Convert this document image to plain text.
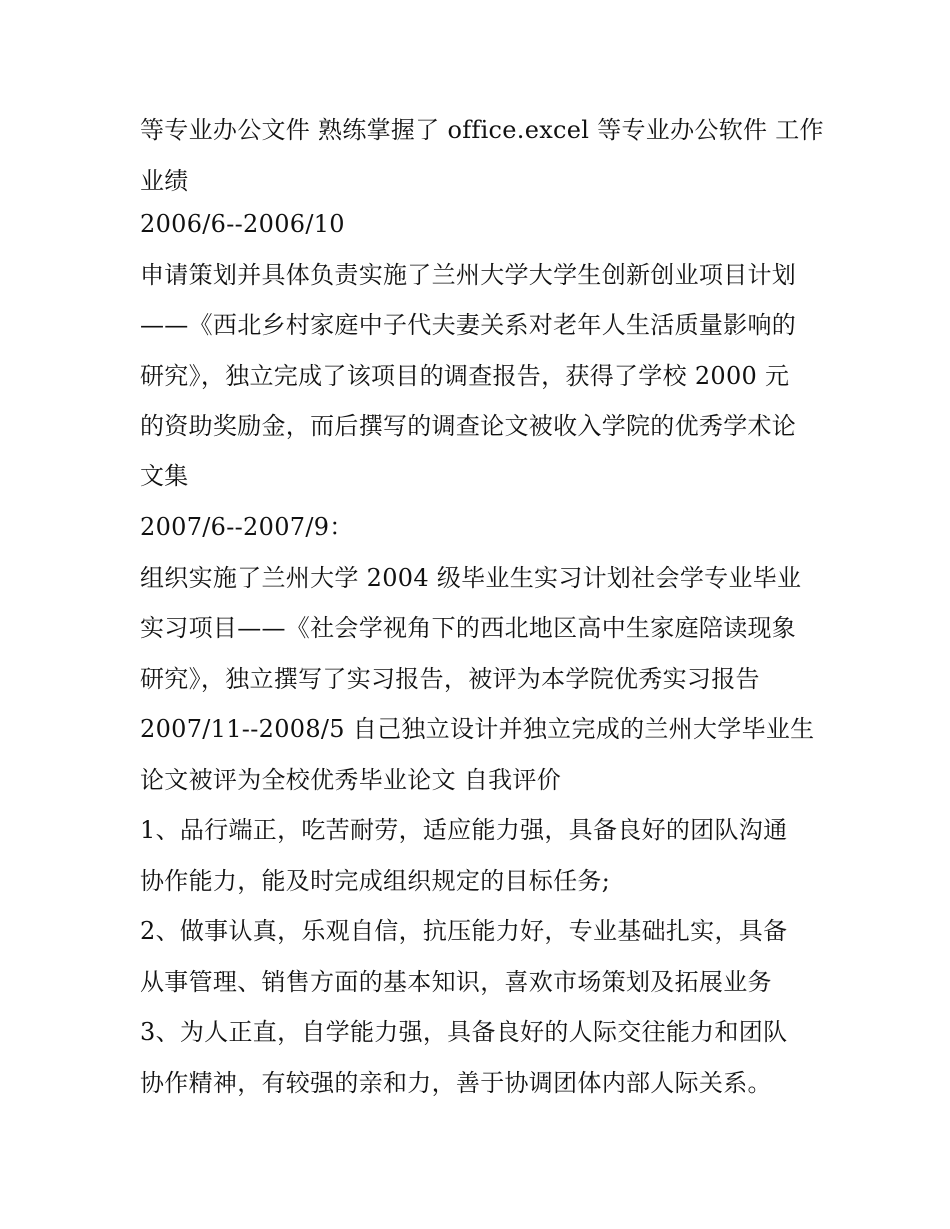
等专业办公文件 熟练掌握了 office.excel 等专业办公软件 工作
业绩
2006/6--2006/10
申请策划并具体负责实施了兰州大学大学生创新创业项目计划
——《西北乡村家庭中子代夫妻关系对老年人生活质量影响的
研究》，独立完成了该项目的调查报告，获得了学校 2000 元
的资助奖励金，而后撰写的调查论文被收入学院的优秀学术论
文集
2007/6--2007/9：
组织实施了兰州大学 2004 级毕业生实习计划社会学专业毕业
实习项目——《社会学视角下的西北地区高中生家庭陪读现象
研究》，独立撰写了实习报告，被评为本学院优秀实习报告
2007/11--2008/5 自己独立设计并独立完成的兰州大学毕业生
论文被评为全校优秀毕业论文 自我评价
1、品行端正，吃苦耐劳，适应能力强，具备良好的团队沟通
协作能力，能及时完成组织规定的目标任务;
2、做事认真，乐观自信，抗压能力好，专业基础扎实，具备
从事管理、销售方面的基本知识，喜欢市场策划及拓展业务
3、为人正直，自学能力强，具备良好的人际交往能力和团队
协作精神，有较强的亲和力，善于协调团体内部人际关系。
